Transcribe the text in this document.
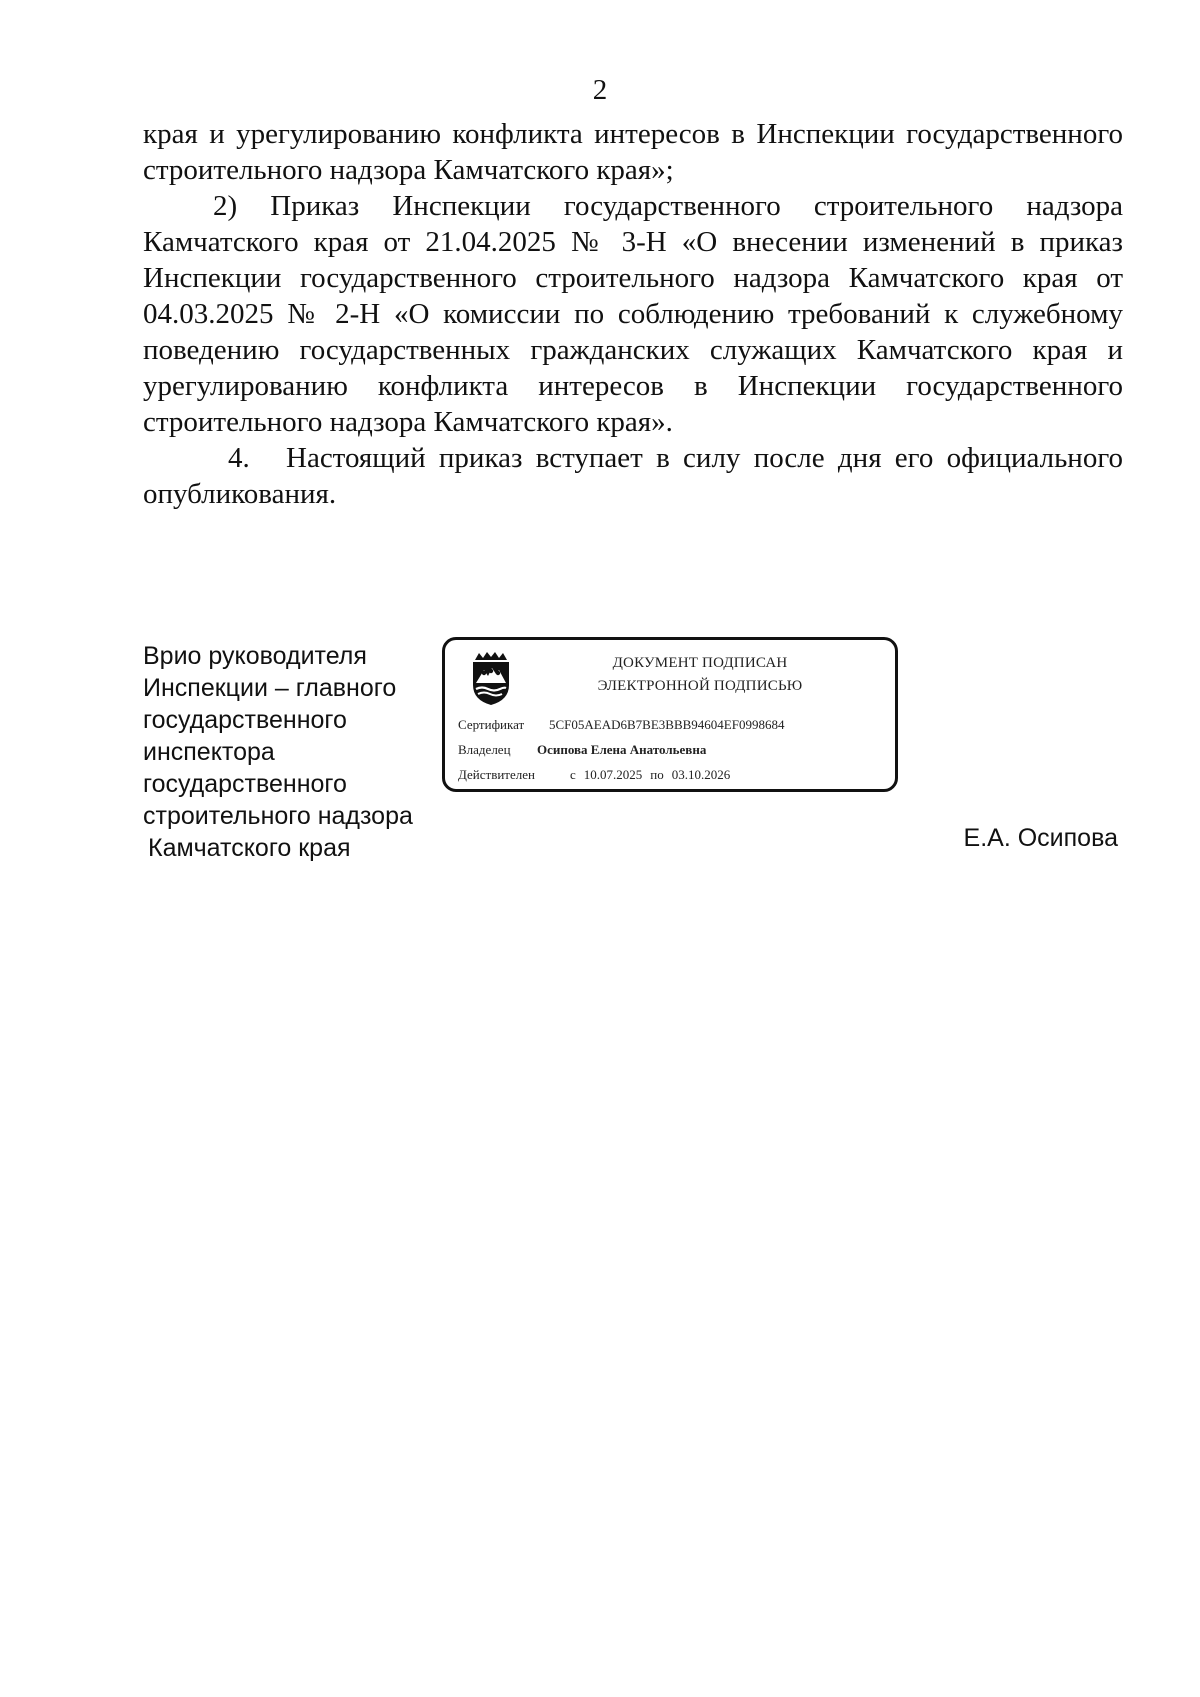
2

края и урегулированию конфликта интересов в Инспекции государственного строительного надзора Камчатского края»;

2) Приказ Инспекции государственного строительного надзора Камчатского края от 21.04.2025 № 3-Н «О внесении изменений в приказ Инспекции государственного строительного надзора Камчатского края от 04.03.2025 № 2-Н «О комиссии по соблюдению требований к служебному поведению государственных гражданских служащих Камчатского края и урегулированию конфликта интересов в Инспекции государственного строительного надзора Камчатского края».

4. Настоящий приказ вступает в силу после дня его официального опубликования.

Врио руководителя
Инспекции – главного
государственного
инспектора
государственного
строительного надзора
Камчатского края
ДОКУМЕНТ ПОДПИСАН
ЭЛЕКТРОННОЙ ПОДПИСЬЮ
Сертификат 5CF05AEAD6B7BE3BBB94604EF0998684
Владелец Осипова Елена Анатольевна
Действителен	с 10.07.2025 по 03.10.2026
Е.А. Осипова
